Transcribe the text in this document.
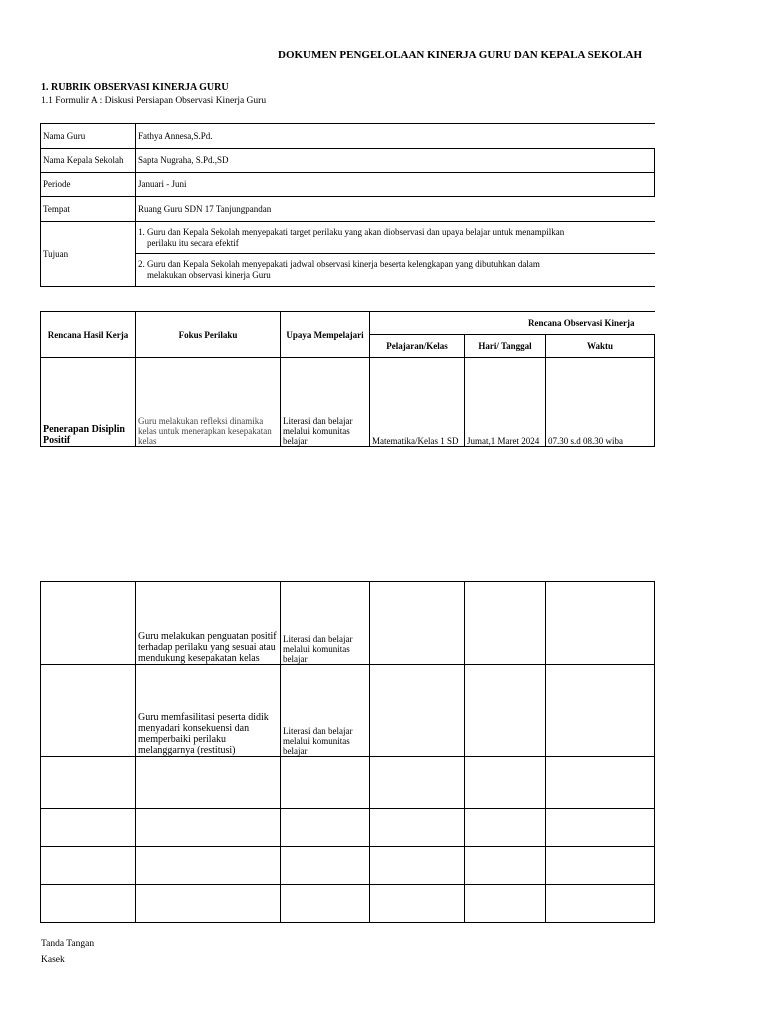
DOKUMEN PENGELOLAAN KINERJA GURU DAN KEPALA SEKOLAH
1. RUBRIK OBSERVASI KINERJA GURU
1.1 Formulir A : Diskusi Persiapan Observasi Kinerja Guru
Nama Guru	Fathya Annesa,S.Pd.
Nama Kepala Sekolah	Sapta Nugraha, S.Pd.,SD
Periode	Januari - Juni
Tempat	Ruang Guru SDN 17 Tanjungpandan
Tujuan	1. Guru dan Kepala Sekolah menyepakati target perilaku yang akan diobservasi dan upaya belajar untuk menampilkan
perilaku itu secara efektif

	2. Guru dan Kepala Sekolah menyepakati jadwal observasi kinerja beserta kelengkapan yang dibutuhkan dalam
melakukan observasi kinerja Guru
Rencana Hasil Kerja	Fokus Perilaku	Upaya Mempelajari	Rencana Observasi Kinerja		
			Pelajaran/Kelas	Hari/ Tanggal	Waktu
Penerapan Disiplin Positif	Guru melakukan refleksi dinamika kelas untuk menerapkan kesepakatan kelas	Literasi dan belajar melalui komunitas belajar	Matematika/Kelas 1 SD	Jumat,1 Maret 2024	07.30 s.d 08.30 wiba
	Guru melakukan penguatan positif terhadap perilaku yang sesuai atau mendukung kesepakatan kelas	Literasi dan belajar melalui komunitas belajar			
	Guru memfasilitasi peserta didik menyadari konsekuensi dan memperbaiki perilaku melanggarnya (restitusi)	Literasi dan belajar melalui komunitas belajar			

Tanda Tangan
Kasek
